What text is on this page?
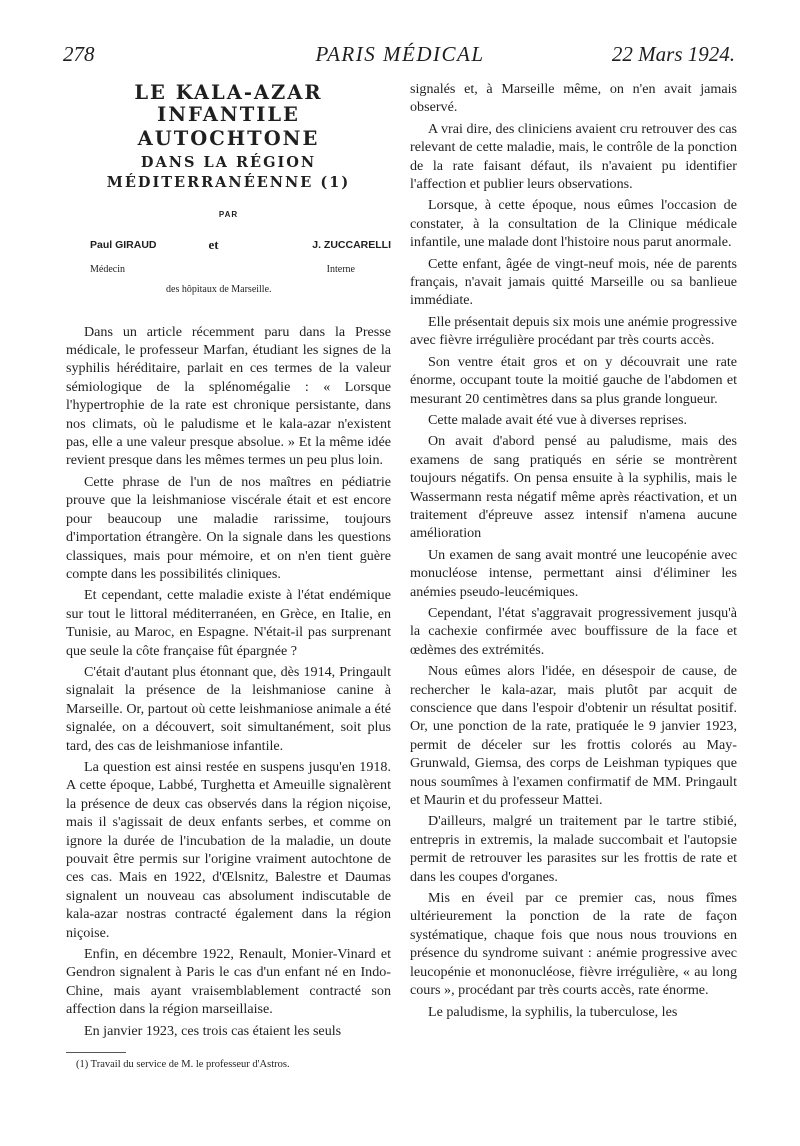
278	PARIS MÉDICAL	22 Mars 1924.
LE KALA-AZAR INFANTILE
AUTOCHTONE
DANS LA RÉGION
MÉDITERRANÉENNE (1)
PAR
Paul GIRAUD	et	J. ZUCCARELLI
Médecin	Interne
des hôpitaux de Marseille.

Dans un article récemment paru dans la Presse médicale, le professeur Marfan, étudiant les signes de la syphilis héréditaire, parlait en ces termes de la valeur sémiologique de la splénomégalie : « Lorsque l'hypertrophie de la rate est chronique persistante, dans nos climats, où le paludisme et le kala-azar n'existent pas, elle a une valeur presque absolue. » Et la même idée revient presque dans les mêmes termes un peu plus loin.

Cette phrase de l'un de nos maîtres en pédiatrie prouve que la leishmaniose viscérale était et est encore pour beaucoup une maladie rarissime, toujours d'importation étrangère. On la signale dans les questions classiques, mais pour mémoire, et on n'en tient guère compte dans les possibilités cliniques.

Et cependant, cette maladie existe à l'état endémique sur tout le littoral méditerranéen, en Grèce, en Italie, en Tunisie, au Maroc, en Espagne. N'était-il pas surprenant que seule la côte française fût épargnée ?

C'était d'autant plus étonnant que, dès 1914, Pringault signalait la présence de la leishmaniose canine à Marseille. Or, partout où cette leishmaniose animale a été signalée, on a découvert, soit simultanément, soit plus tard, des cas de leishmaniose infantile.

La question est ainsi restée en suspens jusqu'en 1918. A cette époque, Labbé, Turghetta et Ameuille signalèrent la présence de deux cas observés dans la région niçoise, mais il s'agissait de deux enfants serbes, et comme on ignore la durée de l'incubation de la maladie, un doute pouvait être permis sur l'origine vraiment autochtone de ces cas. Mais en 1922, d'Œlsnitz, Balestre et Daumas signalent un nouveau cas absolument indiscutable de kala-azar nostras contracté également dans la région niçoise.

Enfin, en décembre 1922, Renault, Monier-Vinard et Gendron signalent à Paris le cas d'un enfant né en Indo-Chine, mais ayant vraisemblablement contracté son affection dans la région marseillaise.

En janvier 1923, ces trois cas étaient les seuls

(1) Travail du service de M. le professeur d'Astros.

signalés et, à Marseille même, on n'en avait jamais observé.

A vrai dire, des cliniciens avaient cru retrouver des cas relevant de cette maladie, mais, le contrôle de la ponction de la rate faisant défaut, ils n'avaient pu identifier l'affection et publier leurs observations.

Lorsque, à cette époque, nous eûmes l'occasion de constater, à la consultation de la Clinique médicale infantile, une malade dont l'histoire nous parut anormale.

Cette enfant, âgée de vingt-neuf mois, née de parents français, n'avait jamais quitté Marseille ou sa banlieue immédiate.

Elle présentait depuis six mois une anémie progressive avec fièvre irrégulière procédant par très courts accès.

Son ventre était gros et on y découvrait une rate énorme, occupant toute la moitié gauche de l'abdomen et mesurant 20 centimètres dans sa plus grande longueur.

Cette malade avait été vue à diverses reprises.

On avait d'abord pensé au paludisme, mais des examens de sang pratiqués en série se montrèrent toujours négatifs. On pensa ensuite à la syphilis, mais le Wassermann resta négatif même après réactivation, et un traitement d'épreuve assez intensif n'amena aucune amélioration

Un examen de sang avait montré une leucopénie avec monucléose intense, permettant ainsi d'éliminer les anémies pseudo-leucémiques.

Cependant, l'état s'aggravait progressivement jusqu'à la cachexie confirmée avec bouffissure de la face et œdèmes des extrémités.

Nous eûmes alors l'idée, en désespoir de cause, de rechercher le kala-azar, mais plutôt par acquit de conscience que dans l'espoir d'obtenir un résultat positif. Or, une ponction de la rate, pratiquée le 9 janvier 1923, permit de déceler sur les frottis colorés au May-Grunwald, Giemsa, des corps de Leishman typiques que nous soumîmes à l'examen confirmatif de MM. Pringault et Maurin et du professeur Mattei.

D'ailleurs, malgré un traitement par le tartre stibié, entrepris in extremis, la malade succombait et l'autopsie permit de retrouver les parasites sur les frottis de rate et dans les coupes d'organes.

Mis en éveil par ce premier cas, nous fîmes ultérieurement la ponction de la rate de façon systématique, chaque fois que nous nous trouvions en présence du syndrome suivant : anémie progressive avec leucopénie et mononucléose, fièvre irrégulière, « au long cours », procédant par très courts accès, rate énorme.

Le paludisme, la syphilis, la tuberculose, les
